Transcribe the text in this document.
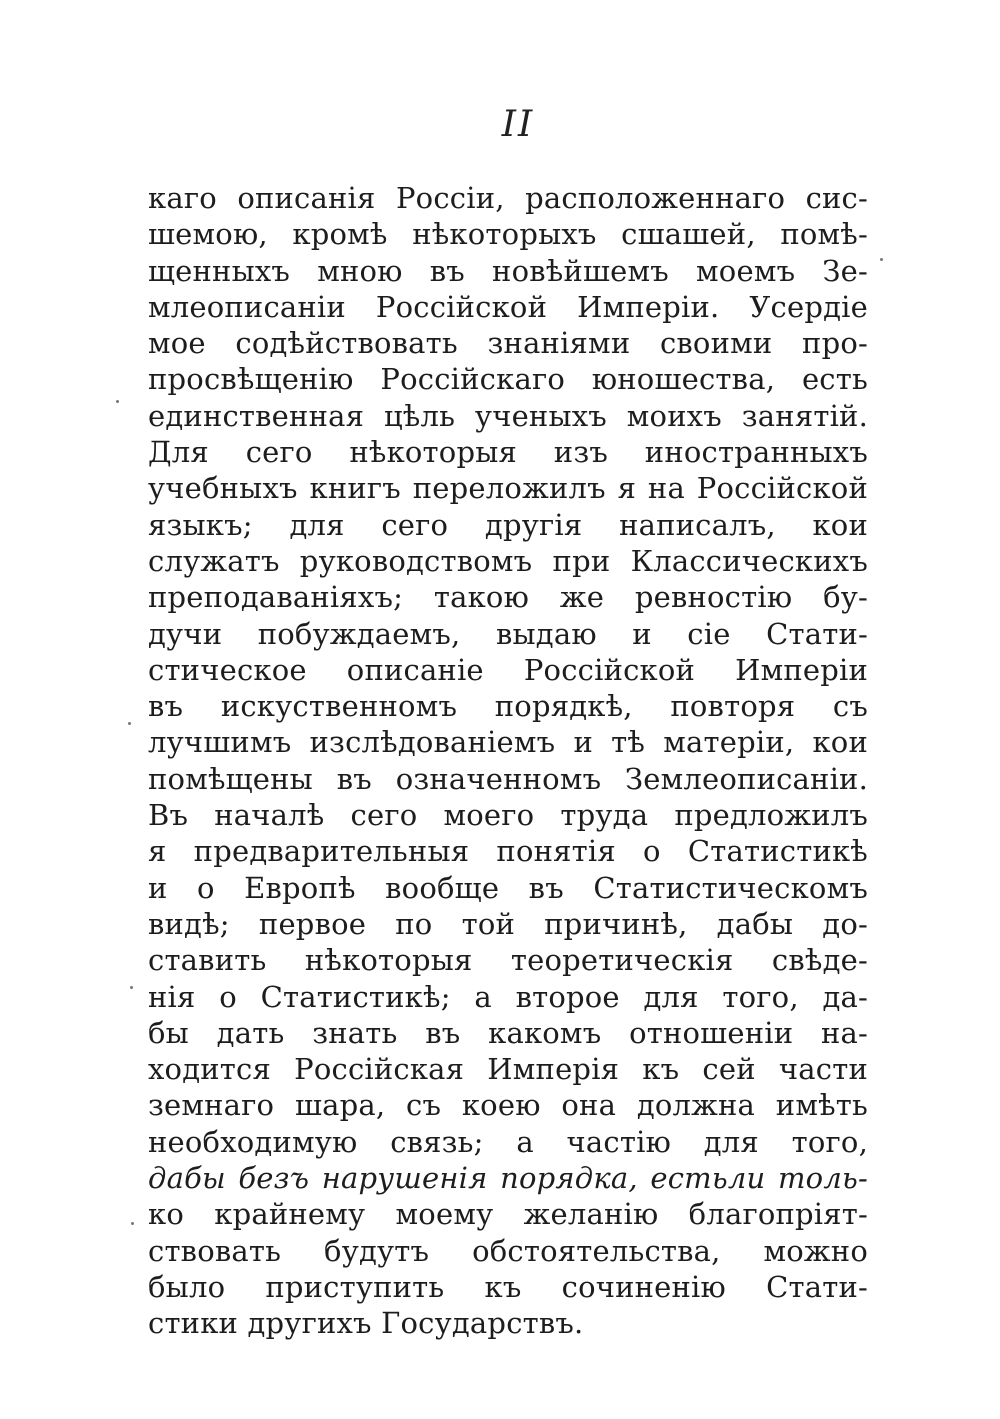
II
каго описанія Россіи, расположеннаго сис-
шемою, кромѣ нѣкоторыхъ сшашей, помѣ-
щенныхъ мною въ новѣйшемъ моемъ Зе-
млеописаніи Россійской Имперіи. Усердіе
мое содѣйствовать знаніями своими про-
просвѣщенію Россійскаго юношества, есть
единственная цѣль ученыхъ моихъ занятій.
Для сего нѣкоторыя изъ иностранныхъ
учебныхъ книгъ переложилъ я на Россійской
языкъ; для сего другія написалъ, кои
служатъ руководствомъ при Классическихъ
преподаваніяхъ; такою же ревностію бу-
дучи побуждаемъ, выдаю и сіе Стати-
стическое описаніе Россійской Имперіи
въ искуственномъ порядкѣ, повторя съ
лучшимъ изслѣдованіемъ и тѣ матеріи, кои
помѣщены въ означенномъ Землеописаніи.
Въ началѣ сего моего труда предложилъ
я предварительныя понятія о Статистикѣ
и о Европѣ вообще въ Статистическомъ
видѣ; первое по той причинѣ, дабы до-
ставить нѣкоторыя теоретическія свѣде-
нія о Статистикѣ; а второе для того, да-
бы дать знать въ какомъ отношеніи на-
ходится Россійская Имперія къ сей части
земнаго шара, съ коею она должна имѣть
необходимую связь; а частію для того,
дабы безъ нарушенія порядка, естьли толь-
ко крайнему моему желанію благопріят-
ствовать будутъ обстоятельства, можно
было приступить къ сочиненію Стати-
стики другихъ Государствъ.
